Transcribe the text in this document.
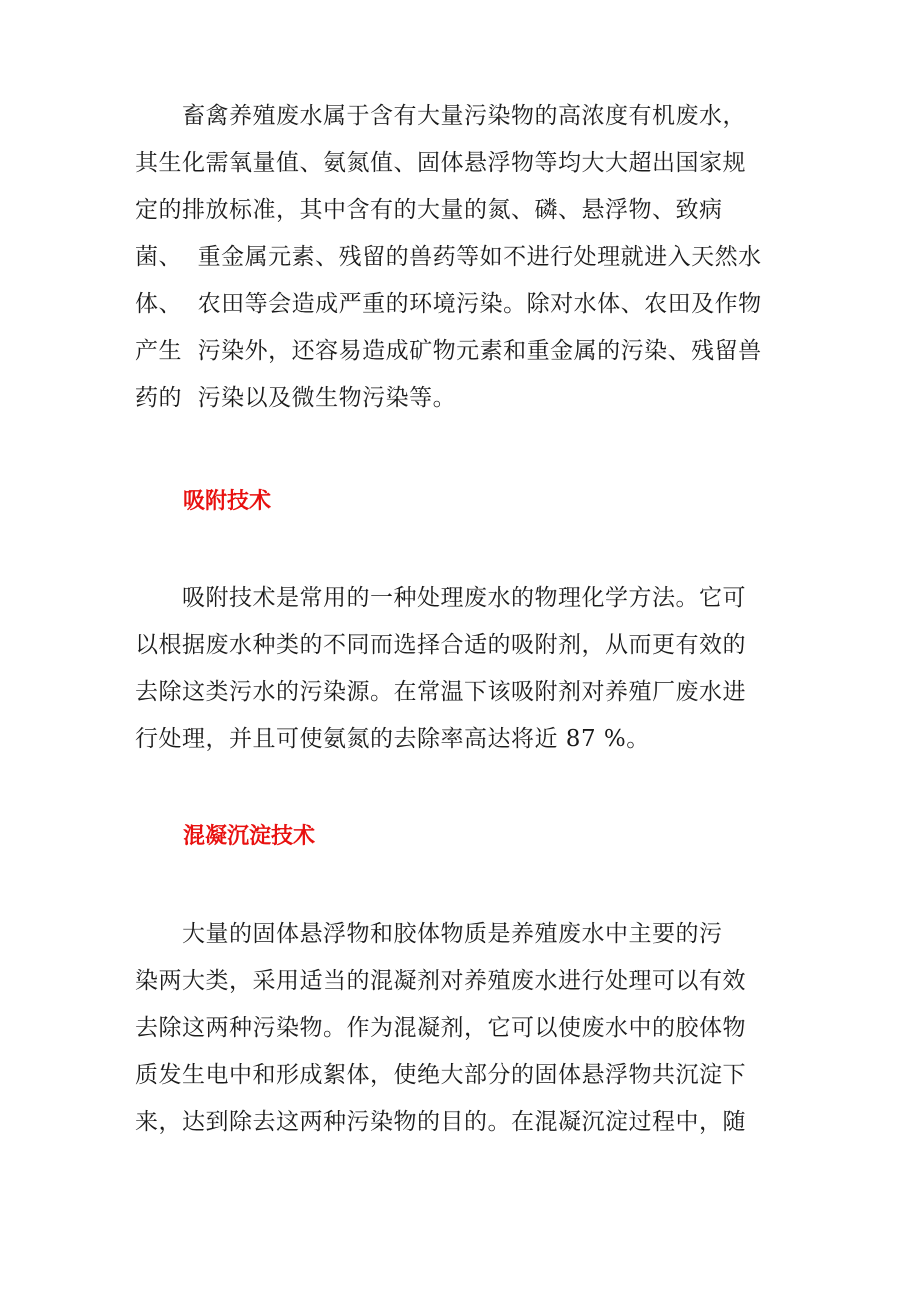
　　畜禽养殖废水属于含有大量污染物的高浓度有机废水，
其生化需氧量值、氨氮值、固体悬浮物等均大大超出国家规
定的排放标准，其中含有的大量的氮、磷、悬浮物、致病
菌、  重金属元素、残留的兽药等如不进行处理就进入天然水
体、  农田等会造成严重的环境污染。除对水体、农田及作物
产生  污染外，还容易造成矿物元素和重金属的污染、残留兽
药的  污染以及微生物污染等。
吸附技术
　　吸附技术是常用的一种处理废水的物理化学方法。它可
以根据废水种类的不同而选择合适的吸附剂，从而更有效的
去除这类污水的污染源。在常温下该吸附剂对养殖厂废水进
行处理，并且可使氨氮的去除率高达将近 87 %。
混凝沉淀技术
　　大量的固体悬浮物和胶体物质是养殖废水中主要的污
染两大类，采用适当的混凝剂对养殖废水进行处理可以有效
去除这两种污染物。作为混凝剂，它可以使废水中的胶体物
质发生电中和形成絮体，使绝大部分的固体悬浮物共沉淀下
来，达到除去这两种污染物的目的。在混凝沉淀过程中，随
